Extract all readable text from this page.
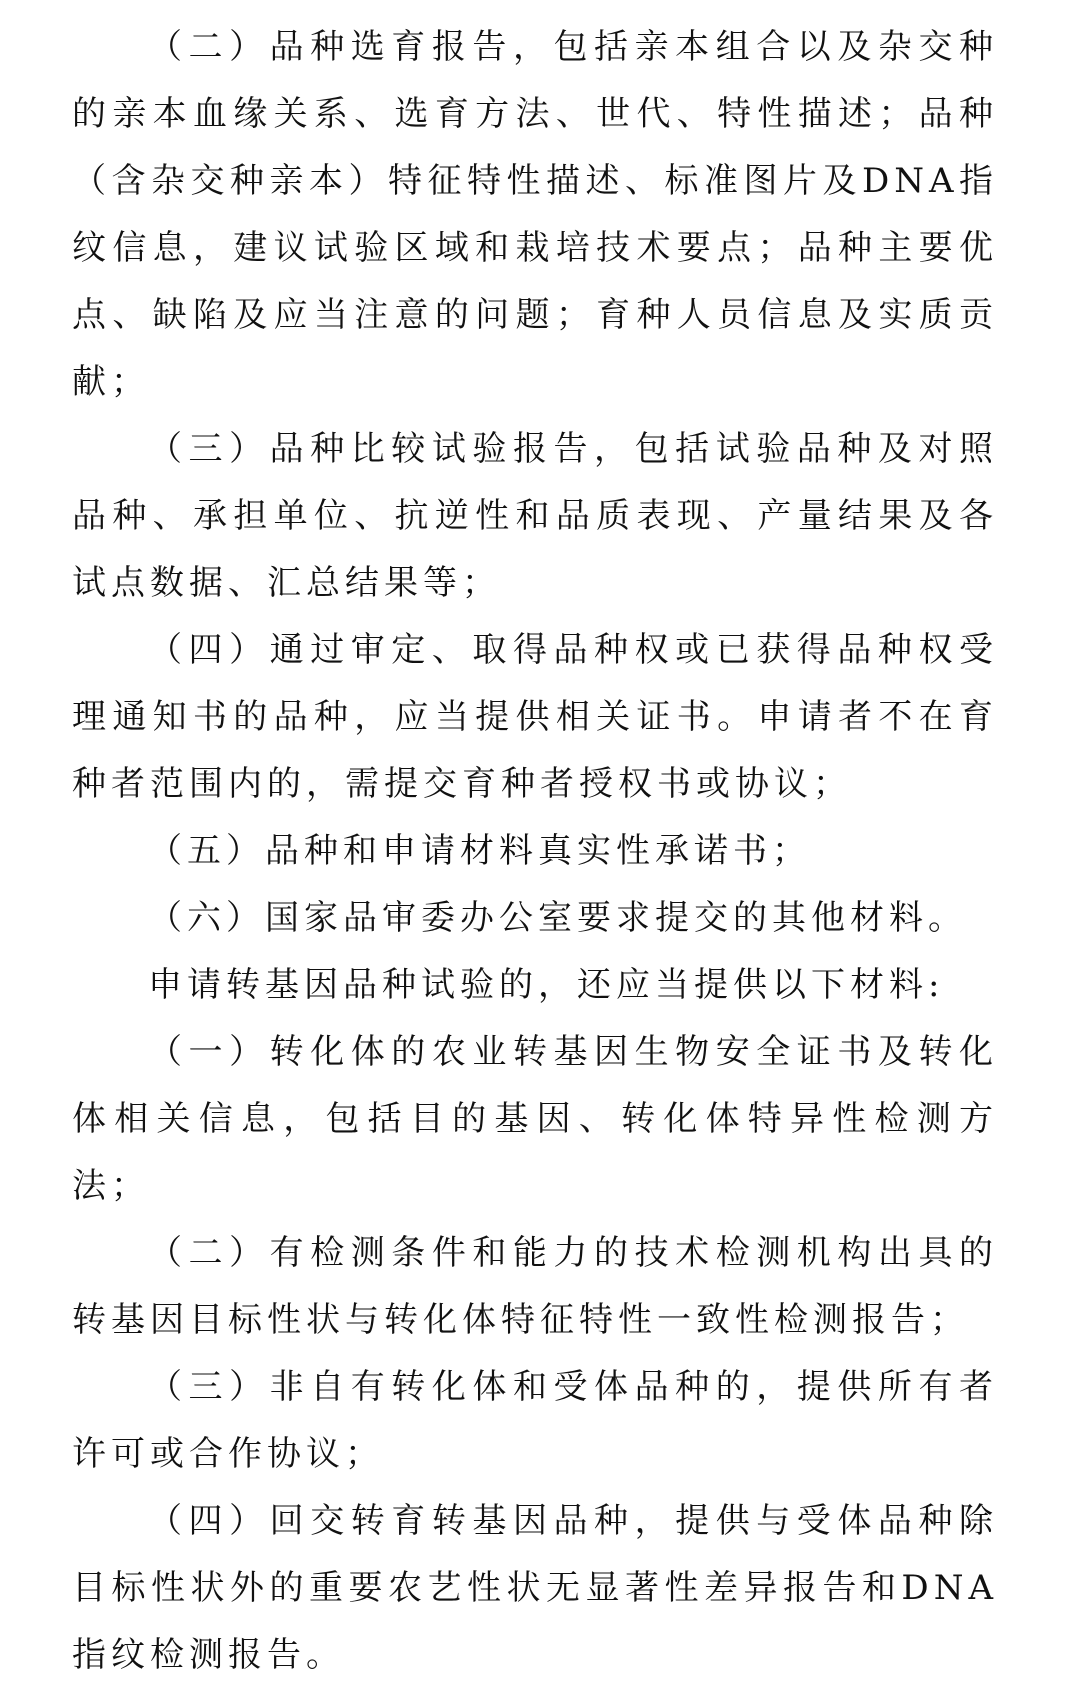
（二）品种选育报告，包括亲本组合以及杂交种的亲本血缘关系、选育方法、世代、特性描述；品种（含杂交种亲本）特征特性描述、标准图片及DNA指纹信息，建议试验区域和栽培技术要点；品种主要优点、缺陷及应当注意的问题；育种人员信息及实质贡献；

（三）品种比较试验报告，包括试验品种及对照品种、承担单位、抗逆性和品质表现、产量结果及各试点数据、汇总结果等；

（四）通过审定、取得品种权或已获得品种权受理通知书的品种，应当提供相关证书。申请者不在育种者范围内的，需提交育种者授权书或协议；

（五）品种和申请材料真实性承诺书；

（六）国家品审委办公室要求提交的其他材料。

申请转基因品种试验的，还应当提供以下材料:

（一）转化体的农业转基因生物安全证书及转化体相关信息，包括目的基因、转化体特异性检测方法；

（二）有检测条件和能力的技术检测机构出具的转基因目标性状与转化体特征特性一致性检测报告；

（三）非自有转化体和受体品种的，提供所有者许可或合作协议；

（四）回交转育转基因品种，提供与受体品种除目标性状外的重要农艺性状无显著性差异报告和DNA指纹检测报告。
